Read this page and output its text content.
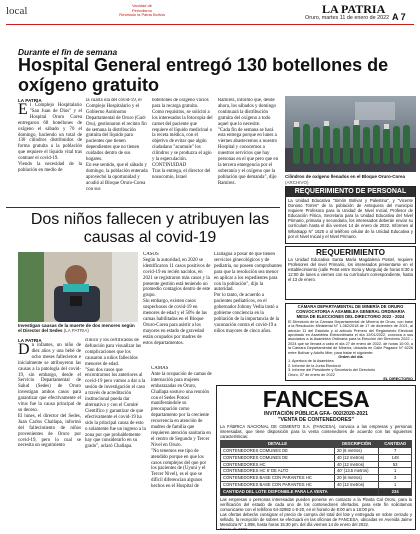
local	Vanidad de
Periodismo
Revelado la Patria Bolivia	LA PATRIA
Oruro, martes 11 de enero de 2022 A 7
Durante el fin de semana
Hospital General entregó 130 botellones de oxígeno gratuito
LA PATRIA
El Complejo Hospitalario "San Juan de Dios" y el Hospital Oruro Corea entregaron 68 botellones de oxígeno el sábado y 70 el domingo, haciendo un total de 130 cilindros distribuidos de forma gratuita a la población que requiere el líquido vital tras contraer el covid-19.
Viendo la necesidad de la población en medio de
la cuarta ola del covid-19, el Complejo Hospitalario y el Gobierno Autónomo Departamental de Oruro (Gad-Oru), gestionaron el recinto fin de semana la distribución gratuita del líquido para pacientes que tienen dependientes que no tienen cuidados dentro de sus hogares.
En ese sentido, que el sábado y domingo, la población enterada aprovechó la oportunidad y acudió al Bloque Oruro-Corea con sus
botellones de oxígeno vacíos para la recarga gratuita.
Como requisitos, se solicitó a los interesados la fotocopia del carnet del paciente que requiere el líquido medicinal o la receta médica, con el objetivo de evitar que algún ciudadano "acumule" los cilindros y se produzca el agio y la especulación.
CONTINUIDAD
Tras la entrega, el director del nosocomio, Israel
Ramírez, informó que, desde ahora, los sábados y domingo continuará la distribución gratuita del oxígeno a todo aquel que lo necesite.
"Cada fin de semana se hará esta entrega porque en lunes a viernes abastecemos a nuestro Hospital y conocemos a nuestros servicios que hay personas en el que pero que en la tercera emergencia por el soberanía y el oxígeno que la población que demanda", dijo Ramírez.
Cilindros de oxígeno llenados en el Bloque Oruro-Corea
(ARCHIVO)
REQUERIMIENTO DE PERSONAL
La Unidad Educativa "Simón Bolívar y Palestina", y "Vicente Donoso Torres" de la población de Antequera del municipio requiere Profesora para la Unidad de Nivel Inicial, Profesor de Educación Física, Secretaria para la Unidad Educativa del Nivel Primario, primaria y secundaria, los interesados deberán enviar su currículum hasta el día viernes 14 de enero de 2022. Informes al Whatsapp N° 1625 o al teléfono celular de la Unidad Educativa y por el Nivel Inicial y el Nivel Primario.
Dos niños fallecen y atribuyen las causas al covid-19
Investigan causas de la muerte de dos menores según el Director del Sedes (LA PATRIA)
CASOS
Según la autoridad, en 2020 se identificaron 11 casos positivos de covid-19 en recién nacidos, en 2021 se registraron más casos y la presente gestión está teniendo un promedio contagios dentro de este grupo.
Sin embargo, existen casos sospechosos de covid-19 en menores de edad y el 50% de las camas habilitadas en el Bloque Oruro-Corea para asistir a los mayores en estado de gravedad están ocupados por madres de estos departamentos.
Llallagua a posar de que tienen servicios ginecológicos y de pediatría, no poseen comprobantes para que la resolución sea menor en aplicar a los expedientes para con la población", dijo la autoridad.
Por lo tanto, de acuerdo a pacientes pediatricos, en el gobernador Johnny Vedia instó a gobierne conciencia en la población de la importancia de la vacunación contra el covid-19 a niños mayores de cinco años.
LA PATRIA
Dn infantes, un niño de diez años y una bebé de ocho meses fallecieron e inicialmente se atribuyeron las causas a la patología del covid-19, sin embargo, desde el Servicio Departamental de Salud (Sedes) de Oruro investigan ambos casos para garantizar que efectivamente el virus fue la causa principal de su deceso.
El lunes, el director del Sedes, Juan Carlos Challapa, informó del fallecimiento de niños provenientes de Oruro por covid-19, pero lo cual se necesita un seguimiento
clínico y los certificados de defunción para visualizar las complicaciones que los causaron a niños fallecidos menores de edad.
"Son dos casos que encontrarnos los anteriores al covid-19 pero vamos a dar a la sesión de investigación el caso a través de acreditación institucional pueda dar alternativa y con el Comité Científico y garantizar de que efectivamente el covid-19 ha sido la principal causa de esto o solamente fue un ingreso a la zona por que probablemente hay que considerarlo en su grado", aclaró Challapa.
CAMAS
Ante la ocupación de camas de internación para mujeres embarazadas en Oruro, Challapa sostuvo una reunión con el Sedes Potosí manifestándole su preocupación como departamento por la creciente recurrencia en atención de madres de familia que requieren atención sanitaria en el centro de Segundo y Tercer Nivel en Oruro.
"No tenemos ese tipo de atendido porque en que los casos complejos del que por los pacientes de (Uyuni y el Tercer Nivel), es el que se difícil diferencian algunos hechos en el Hospital de
REQUERIMIENTO
La Unidad Educativa Santa María Magdalena Postel, requiere Profesores del nivel Primario, los interesados presentarse en el establecimiento (calle Petot entre Soria y Murguía) de horas 8:30 a 12:00 de lunes a viernes con su currículum correspondiente, hasta el 13 de enero.
CÁMARA DEPARTAMENTAL DE MINERÍA DE ORURO
CONVOCATORIA A ASAMBLEA GENERAL ORDINARIA
MESA DE ELECCIONES DEL DIRECTORIO 2022 - 2024
El Directorio de la Cámara Departamental de Minería de Oruro, con base a la Resolución Ministerial N° 1.062/2018 de 17 de diciembre de 2021, al artículo 11 del Estatuto y al artículo Primero del Reglamento Electoral aprobado en Asamblea Extraordinaria el día 12/01/2022, convoca a sus asociados a la Asamblea Ordinaria para la Elección del Directorio 2022 – 2024 que se llevará a cabo el día 27 de enero de 2022, de horas 10:00, a la Cámara Departamental de Minería, ubicada en Calle Pagador N° 6226 entre Bolívar y Adolfo Mier, para tratar el siguiente:
Orden del día
1. Apertura de la Asamblea
2. Informe de la Junta Electoral
3. Informe del Presidente y Secretario del Directorio
Oruro, 07 de enero de 2022
EL DIRECTORIO
FANCESA
INVITACIÓN PÚBLICA GFA- 002/2020-2021
"VENTA DE CONTENEDORES"
La FÁBRICA NACIONAL DE CEMENTO S.A. (FANCESA), convoca a las empresas y personas interesadas, que tiene disposición para la venta contenedores de acuerdo con las siguientes características:
DETALLE	DESCRIPCIÓN	CANTIDAD
CONTENEDORES COMUNES DE	20 (6 metros)	7
CONTENEDORES COMUNES DE	40 (12 metros)	148
CONTENEDORES HC	40 (12 metros)	53
CONTENEDORES HC 6' DE ALTO	40' (13.5 metros)	1
CONTENEDORES BASE CON PARANTES HC	20 (6 metros)	3
CONTENEDORES BASE CON PARANTES HC	40 (12 metros)	1
CANTIDAD DEL LOTE DISPONIBLE PARA LA VENTA		234
Las empresas o personas interesadas pueden ponerse en contacto a la Planta Cal Ororu, para la verificación del estado de cada uno de los contenedores ofertados, para este fin solicitamos comunicarse con el teléfono 64-32982 o 8-20, en el horario de 8:00 am a 16:00 pm.
Las ofertas deberán consignar el precio de compra del total del lote y entregada en sobre cerrado y sellado, la recepción de sobres se efectuará en las oficinas de FANCESA, ubicadas en Avenida Jaime Mendoza N° 1.098, hasta horas 15:30 pm. del día viernes 14 de enero del 2022.
Enero de 2022
